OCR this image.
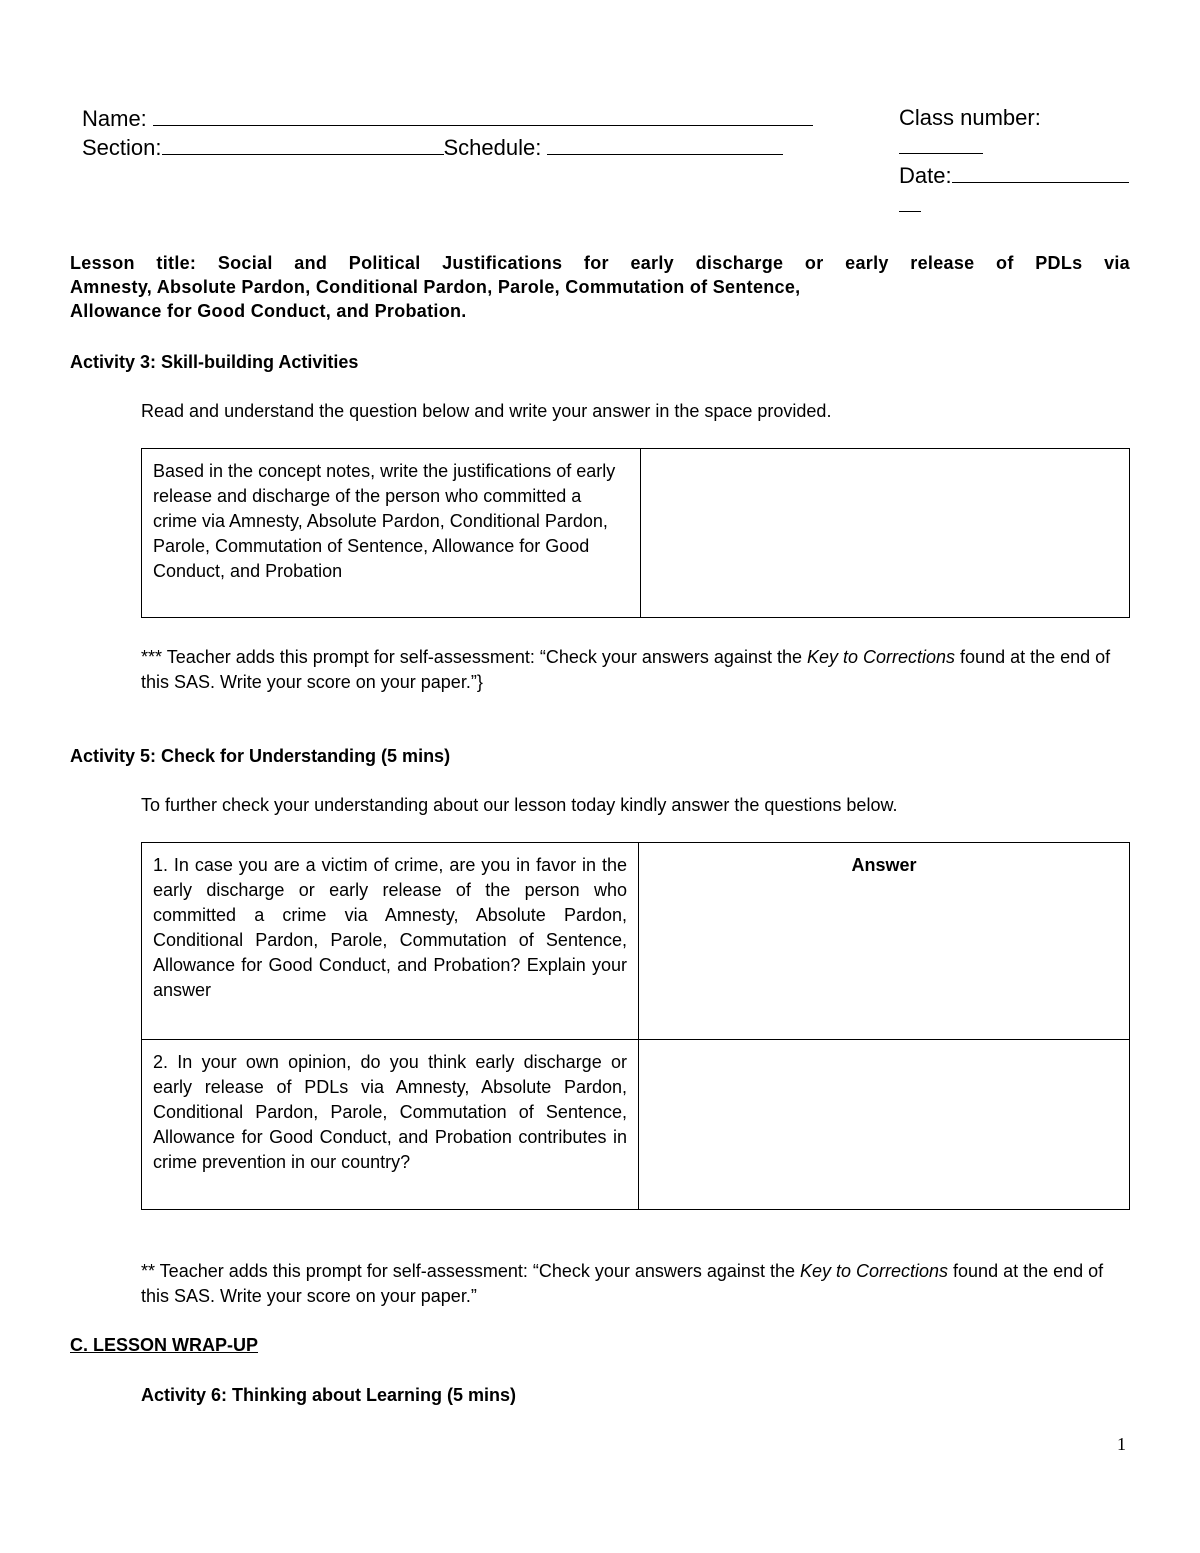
Name:
Section:	Schedule:
Class number:
Date:
Lesson title: Social and Political Justifications for early discharge or early release of PDLs via
Amnesty, Absolute Pardon, Conditional Pardon, Parole, Commutation of Sentence,
Allowance for Good Conduct, and Probation.
Activity 3: Skill-building Activities
Read and understand the question below and write your answer in the space provided.
Based in the concept notes, write the justifications of early release and discharge of the person who committed a crime via Amnesty, Absolute Pardon, Conditional Pardon, Parole, Commutation of Sentence, Allowance for Good Conduct, and Probation	
*** Teacher adds this prompt for self-assessment: “Check your answers against the Key to Corrections found at the end of this SAS. Write your score on your paper.”}
Activity 5: Check for Understanding (5 mins)
To further check your understanding about our lesson today kindly answer the questions below.
1. In case you are a victim of crime, are you in favor in the early discharge or early release of the person who committed a crime via Amnesty, Absolute Pardon, Conditional Pardon, Parole, Commutation of Sentence, Allowance for Good Conduct, and Probation? Explain your answer	Answer
2. In your own opinion, do you think early discharge or early release of PDLs via Amnesty, Absolute Pardon, Conditional Pardon, Parole, Commutation of Sentence, Allowance for Good Conduct, and Probation contributes in crime prevention in our country?	
** Teacher adds this prompt for self-assessment: “Check your answers against the Key to Corrections found at the end of this SAS. Write your score on your paper.”
C. LESSON WRAP-UP
Activity 6: Thinking about Learning (5 mins)
1
